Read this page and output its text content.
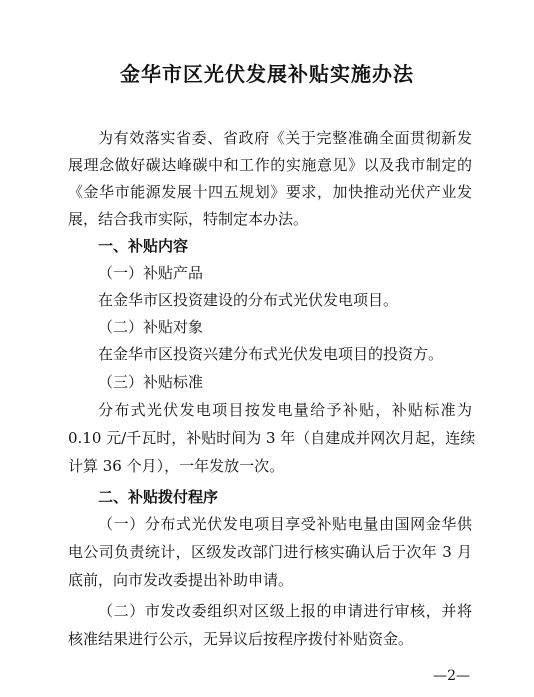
金华市区光伏发展补贴实施办法
为有效落实省委、省政府《关于完整准确全面贯彻新发
展理念做好碳达峰碳中和工作的实施意见》以及我市制定的
《金华市能源发展十四五规划》要求，加快推动光伏产业发
展，结合我市实际，特制定本办法。
一、补贴内容
（一）补贴产品
在金华市区投资建设的分布式光伏发电项目。
（二）补贴对象
在金华市区投资兴建分布式光伏发电项目的投资方。
（三）补贴标准
分布式光伏发电项目按发电量给予补贴，补贴标准为
0.10 元/千瓦时，补贴时间为 3 年（自建成并网次月起，连续
计算 36 个月），一年发放一次。
二、补贴拨付程序
（一）分布式光伏发电项目享受补贴电量由国网金华供
电公司负责统计，区级发改部门进行核实确认后于次年 3 月
底前，向市发改委提出补助申请。
（二）市发改委组织对区级上报的申请进行审核，并将
核准结果进行公示，无异议后按程序拨付补贴资金。
—2—
